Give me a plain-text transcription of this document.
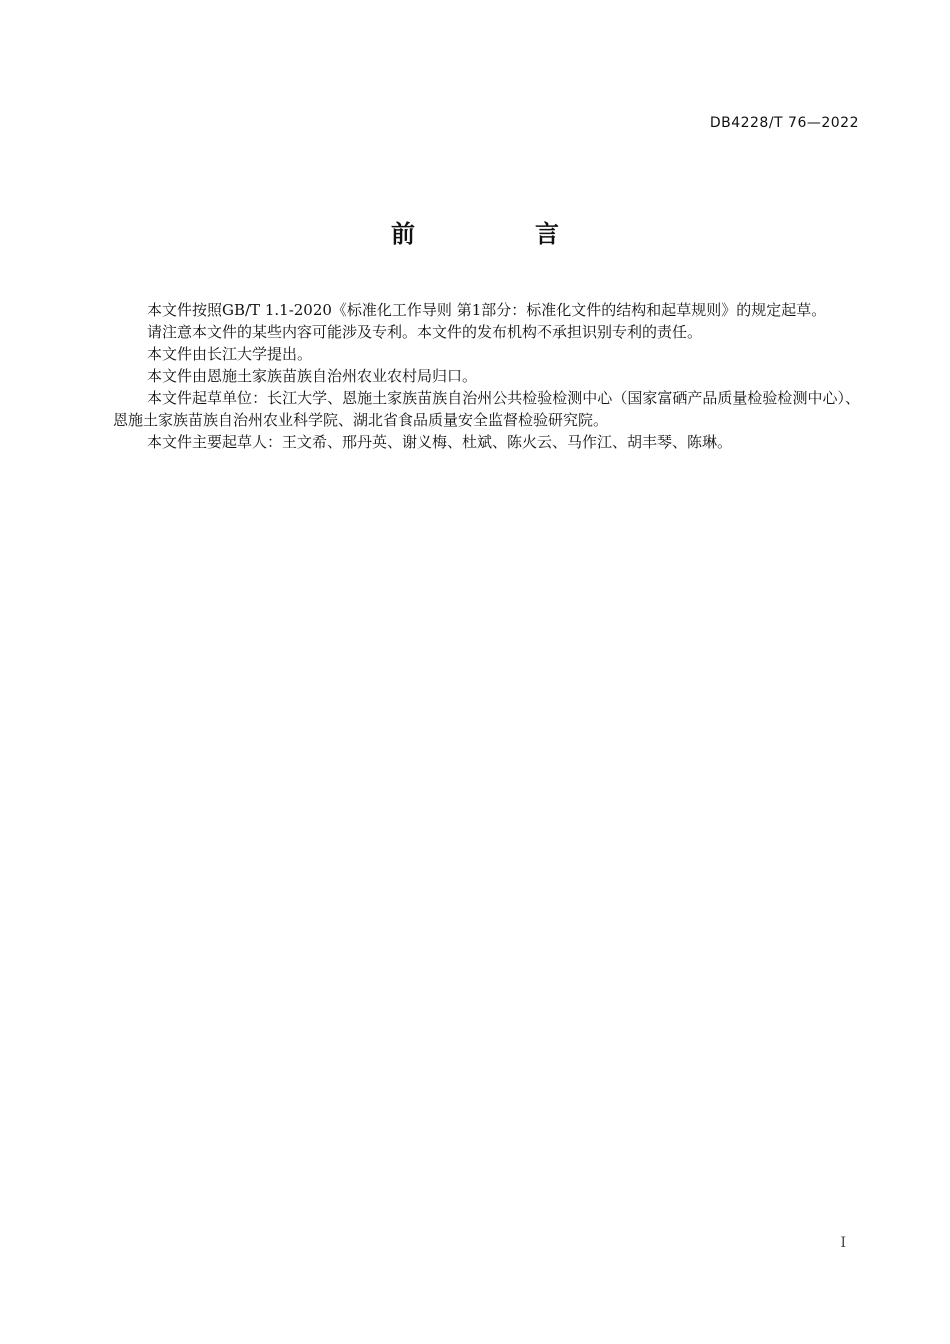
DB4228/T 76—2022
前　言

本文件按照GB/T 1.1-2020《标准化工作导则 第1部分：标准化文件的结构和起草规则》的规定起草。

请注意本文件的某些内容可能涉及专利。本文件的发布机构不承担识别专利的责任。

本文件由长江大学提出。

本文件由恩施土家族苗族自治州农业农村局归口。

本文件起草单位：长江大学、恩施土家族苗族自治州公共检验检测中心（国家富硒产品质量检验检测中心）、恩施土家族苗族自治州农业科学院、湖北省食品质量安全监督检验研究院。

本文件主要起草人：王文希、邢丹英、谢义梅、杜斌、陈火云、马作江、胡丰琴、陈琳。

I
